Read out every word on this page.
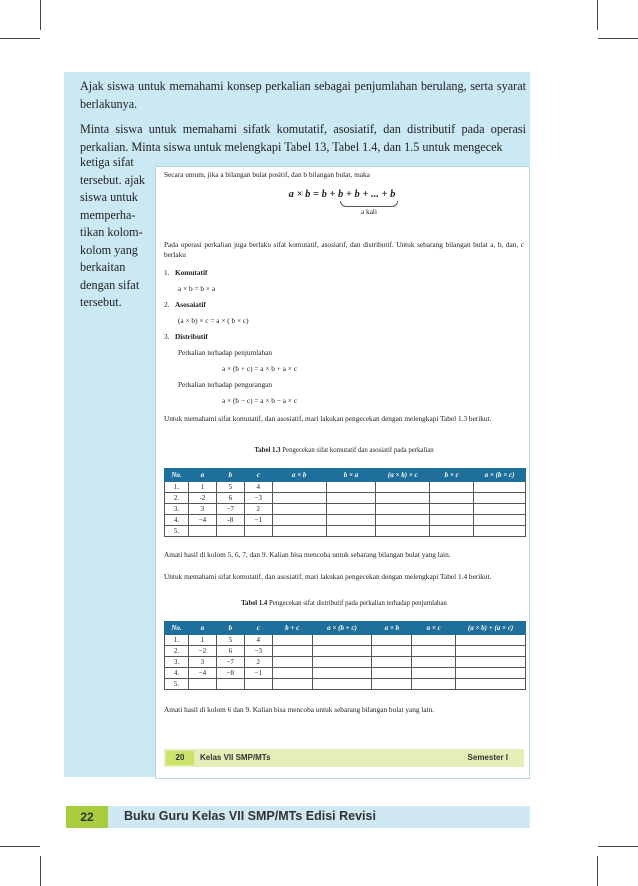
Ajak siswa untuk memahami konsep perkalian sebagai penjumlahan berulang, serta syarat berlakunya.

Minta siswa untuk memahami sifatk komutatif, asosiatif, dan distributif pada operasi perkalian. Minta siswa untuk melengkapi Tabel 13, Tabel 1.4, dan 1.5 untuk mengecek

ketiga sifat
tersebut. ajak
siswa untuk
memperha-
tikan kolom-
kolom yang
berkaitan
dengan sifat
tersebut.
Secara umum, jika a bilangan bulat positif, dan b bilangan bulat, maka
a × b = b + b + b + ... + b
a kali
Pada operasi perkalian juga berlaku sifat komutatif, asosiatif, dan distributif. Untuk sebarang bilangan bulat a, b, dan, c berlaku
1. Komutatif
a × b = b × a
2. Asosaiatif
(a × b) × c = a × ( b × c)
3. Distributif
Perkalian terhadap penjumlahan
a × (b + c) = a × b + a × c
Perkalian terhadap pengurangan
a × (b − c) = a × b − a × c
Untuk memahami sifat komutatif, dan asosiatif, mari lakukan pengecekan dengan melengkapi Tabel 1.3 berikut.
Tabel 1.3 Pengecekan sifat komutatif dan asosiatif pada perkalian
No.	a	b	c	a × b	b × a	(a × b) × c	b × c	a × (b × c)
1.	1	5	4					
2.	-2	6	−3					
3.	3	−7	2					
4.	−4	-8	−1					
5.								
Amati hasil di kolom 5, 6, 7, dan 9. Kalian bisa mencoba untuk sebarang bilangan bulat yang lain.
Untuk memahami sifat komutatif, dan asosiatif, mari lakukan pengecekan dengan melengkapi Tabel 1.4 berikut.
Tabel 1.4 Pengecekan sifat distributif pada perkalian terhadap penjumlahan
No.	a	b	c	b + c	a × (b + c)	a × b	a × c	(a × b) + (a × c)
1.	1	5	4					
2.	−2	6	−3					
3.	3	−7	2					
4.	−4	−8	−1					
5.								
Amati hasil di kolom 6 dan 9. Kalian bisa mencoba untuk sebarang bilangan bulat yang lain.
20	Kelas VII SMP/MTs	Semester I
22	Buku Guru Kelas VII SMP/MTs Edisi Revisi
